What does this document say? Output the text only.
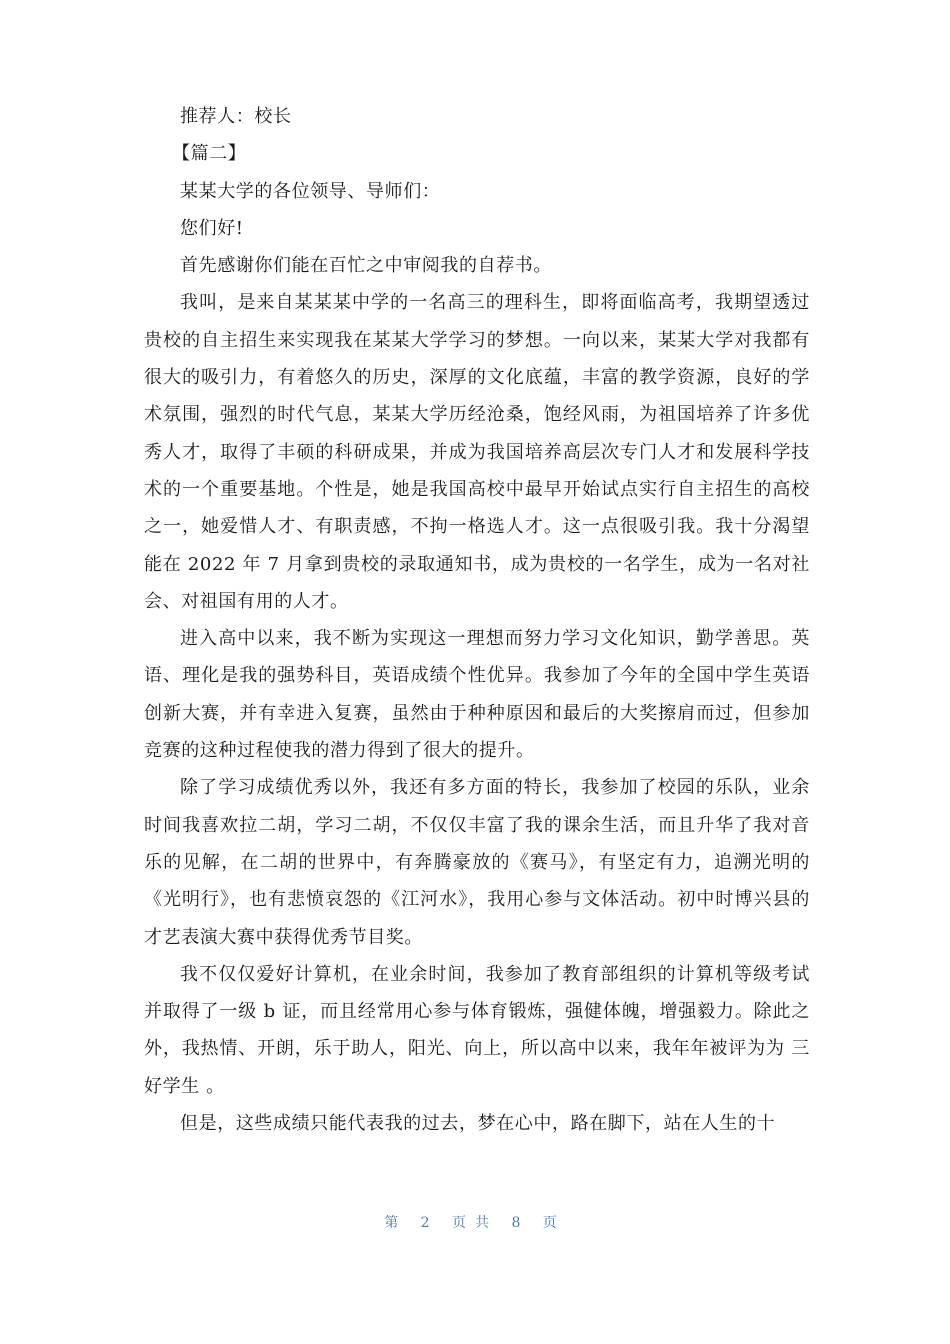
推荐人：校长

【篇二】

某某大学的各位领导、导师们：

您们好!

首先感谢你们能在百忙之中审阅我的自荐书。

我叫，是来自某某某中学的一名高三的理科生，即将面临高考，我期望透过贵校的自主招生来实现我在某某大学学习的梦想。一向以来，某某大学对我都有很大的吸引力，有着悠久的历史，深厚的文化底蕴，丰富的教学资源，良好的学术氛围，强烈的时代气息，某某大学历经沧桑，饱经风雨，为祖国培养了许多优秀人才，取得了丰硕的科研成果，并成为我国培养高层次专门人才和发展科学技术的一个重要基地。个性是，她是我国高校中最早开始试点实行自主招生的高校之一，她爱惜人才、有职责感，不拘一格选人才。这一点很吸引我。我十分渴望能在 2022 年 7 月拿到贵校的录取通知书，成为贵校的一名学生，成为一名对社会、对祖国有用的人才。

进入高中以来，我不断为实现这一理想而努力学习文化知识，勤学善思。英语、理化是我的强势科目，英语成绩个性优异。我参加了今年的全国中学生英语创新大赛，并有幸进入复赛，虽然由于种种原因和最后的大奖擦肩而过，但参加竞赛的这种过程使我的潜力得到了很大的提升。

除了学习成绩优秀以外，我还有多方面的特长，我参加了校园的乐队，业余时间我喜欢拉二胡，学习二胡，不仅仅丰富了我的课余生活，而且升华了我对音乐的见解，在二胡的世界中，有奔腾豪放的《赛马》，有坚定有力，追溯光明的《光明行》，也有悲愤哀怨的《江河水》，我用心参与文体活动。初中时博兴县的才艺表演大赛中获得优秀节目奖。

我不仅仅爱好计算机，在业余时间，我参加了教育部组织的计算机等级考试并取得了一级 b 证，而且经常用心参与体育锻炼，强健体魄，增强毅力。除此之外，我热情、开朗，乐于助人，阳光、向上，所以高中以来，我年年被评为为 三好学生 。

但是，这些成绩只能代表我的过去，梦在心中，路在脚下，站在人生的十

第 2 页共 8 页
